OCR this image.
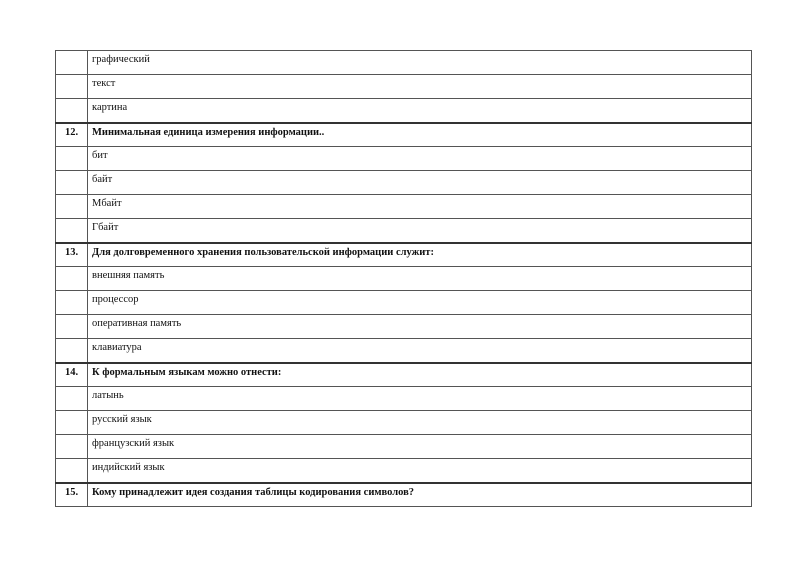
	графический
	текст
	картина
12.	Минимальная единица измерения информации..
	бит
	байт
	Мбайт
	Гбайт
13.	Для долговременного хранения пользовательской информации служит:
	внешняя память
	процессор
	оперативная память
	клавиатура
14.	К формальным языкам можно отнести:
	латынь
	русский язык
	французский язык
	индийский язык
15.	Кому принадлежит идея создания таблицы кодирования символов?
